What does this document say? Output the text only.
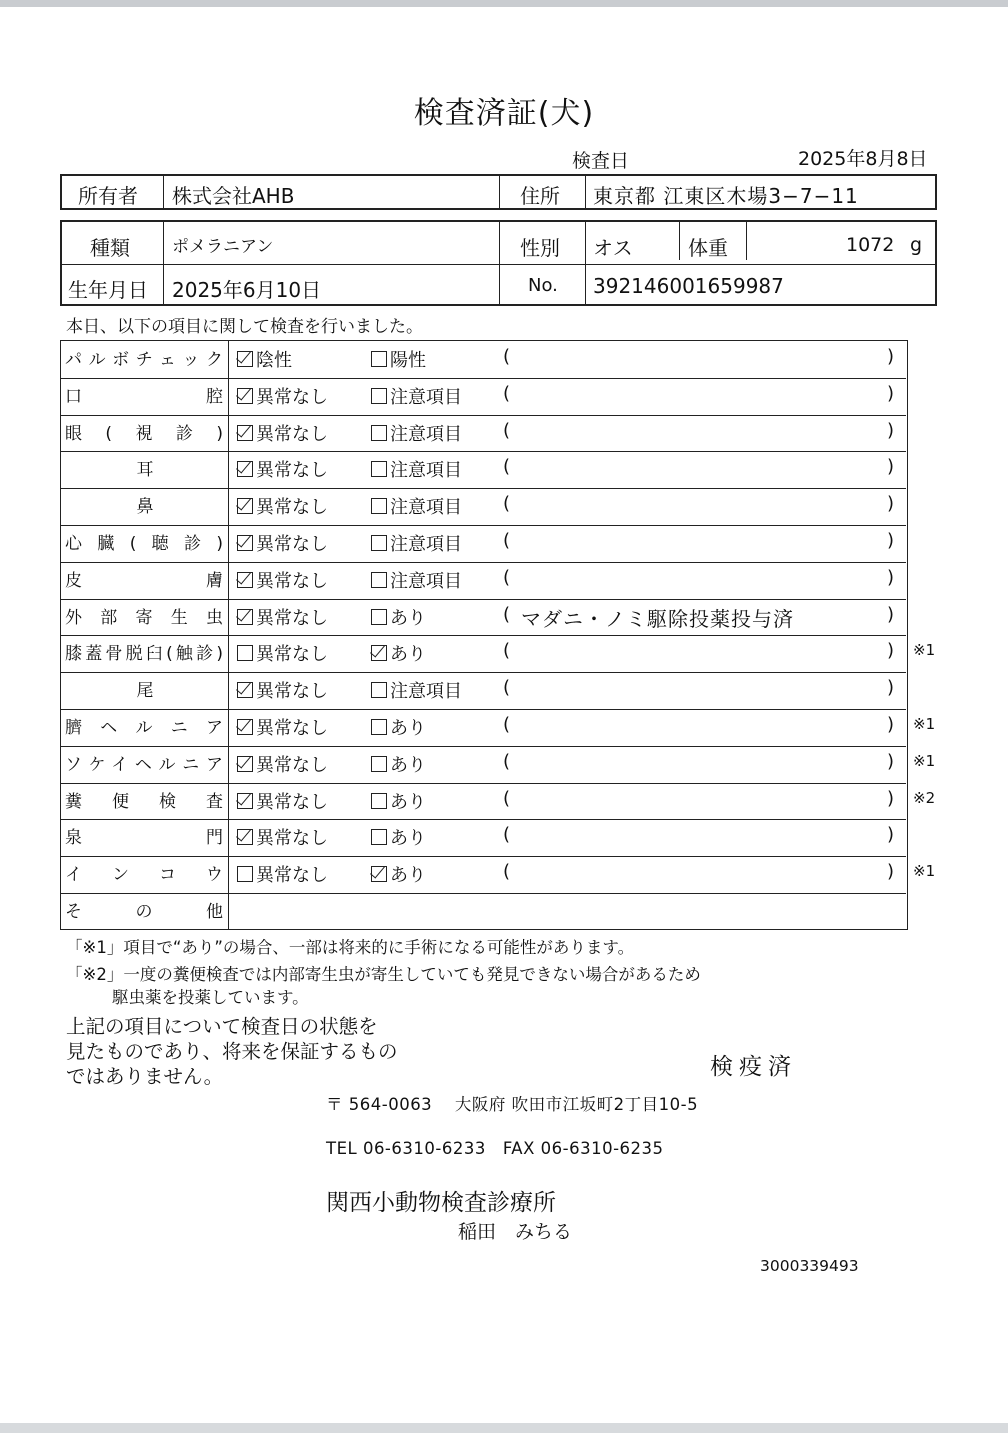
検査済証(犬)
検査日	2025年8月8日
所有者 株式会社AHB	住所 東京都 江東区木場3−7−11
種類 ポメラニアン	性別 オス	体重	1072 g
生年月日 2025年6月10日	No. 392146001659987
本日、以下の項目に関して検査を行いました。
パルボチェック	陰性	陽性	(	)
口腔	異常なし	注意項目 (	)
眼(視診)	異常なし	注意項目 (	)
耳	異常なし	注意項目 (	)
鼻	異常なし	注意項目 (	)
心臓(聴診)	異常なし	注意項目 (	)
皮膚	異常なし	注意項目 (	)
外部寄生虫	異常なし	あり	( マダニ・ノミ駆除投薬投与済	)
膝蓋骨脱臼(触診)	異常なし	あり	(	) ※1
尾	異常なし	注意項目 (	)
臍ヘルニア	異常なし	あり	(	) ※1
ソケイヘルニア	異常なし	あり	(	) ※1
糞便検査	異常なし	あり	(	) ※2
泉門	異常なし	あり	(	)
インコウ	異常なし	あり	(	) ※1
その他
「※1」項目で“あり”の場合、一部は将来的に手術になる可能性があります。
「※2」一度の糞便検査では内部寄生虫が寄生していても発見できない場合があるため
駆虫薬を投薬しています。
上記の項目について検査日の状態を
見たものであり、将来を保証するもの
ではありません。	検疫済
〒 564-0063　 大阪府 吹田市江坂町2丁目10-5
TEL 06-6310-6233　FAX 06-6310-6235
関西小動物検査診療所
稲田　みちる
3000339493
